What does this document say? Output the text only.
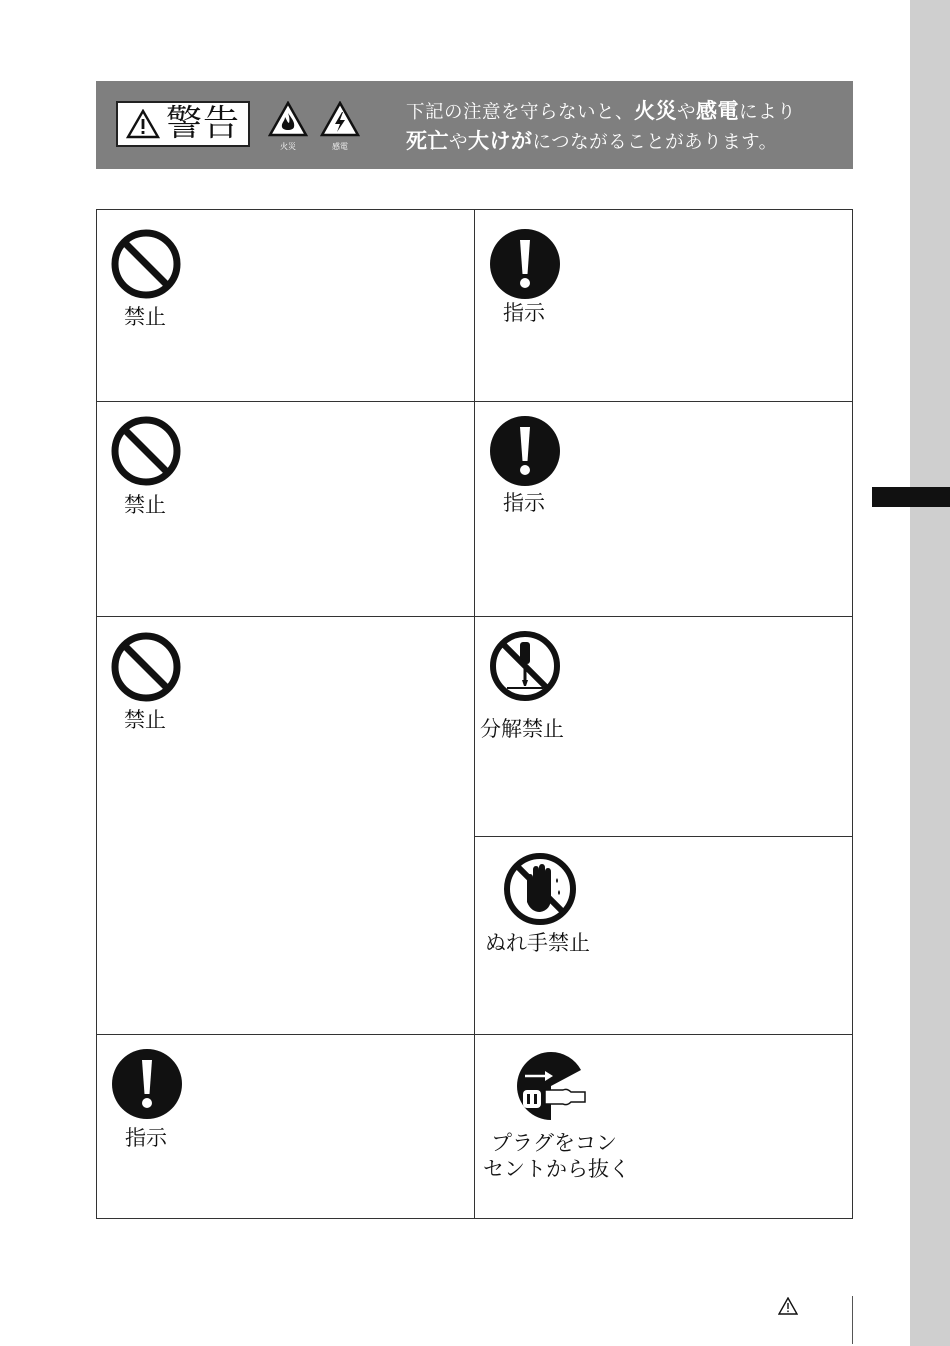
警告
火災	感電
下記の注意を守らないと、火災や感電により
死亡や大けがにつながることがあります。
禁止	指示
禁止	指示
禁止	分解禁止
ぬれ手禁止
指示	プラグをコン
セントから抜く
